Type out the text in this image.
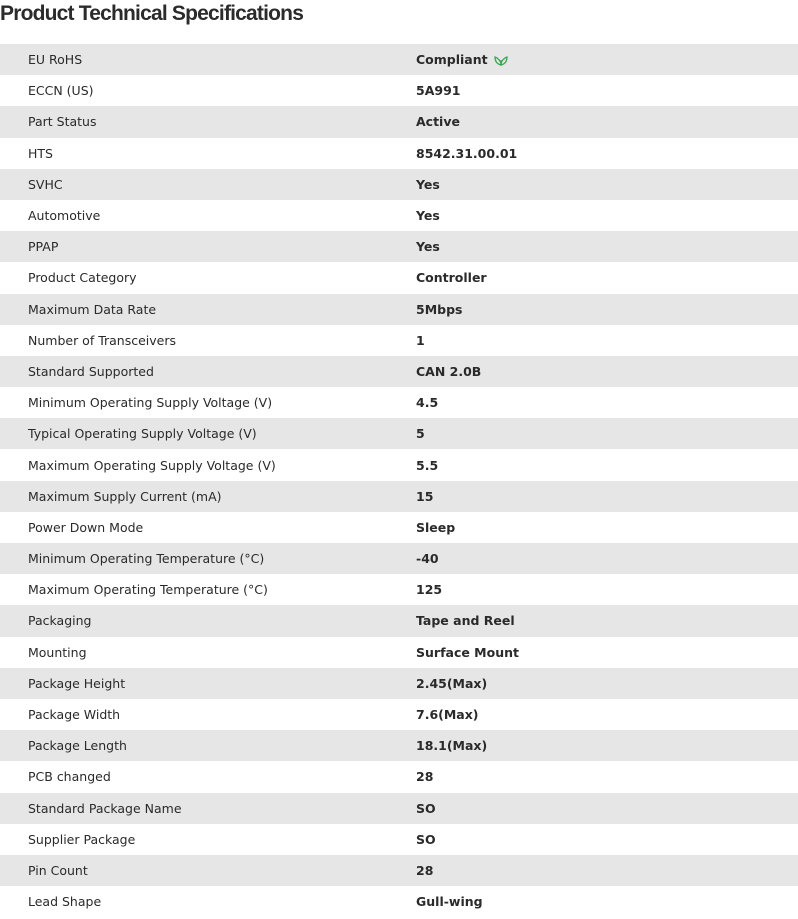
Product Technical Specifications
EU RoHS	Compliant
ECCN (US)	5A991
Part Status	Active
HTS	8542.31.00.01
SVHC	Yes
Automotive	Yes
PPAP	Yes
Product Category	Controller
Maximum Data Rate	5Mbps
Number of Transceivers	1
Standard Supported	CAN 2.0B
Minimum Operating Supply Voltage (V)	4.5
Typical Operating Supply Voltage (V)	5
Maximum Operating Supply Voltage (V)	5.5
Maximum Supply Current (mA)	15
Power Down Mode	Sleep
Minimum Operating Temperature (°C)	-40
Maximum Operating Temperature (°C)	125
Packaging	Tape and Reel
Mounting	Surface Mount
Package Height	2.45(Max)
Package Width	7.6(Max)
Package Length	18.1(Max)
PCB changed	28
Standard Package Name	SO
Supplier Package	SO
Pin Count	28
Lead Shape	Gull-wing
